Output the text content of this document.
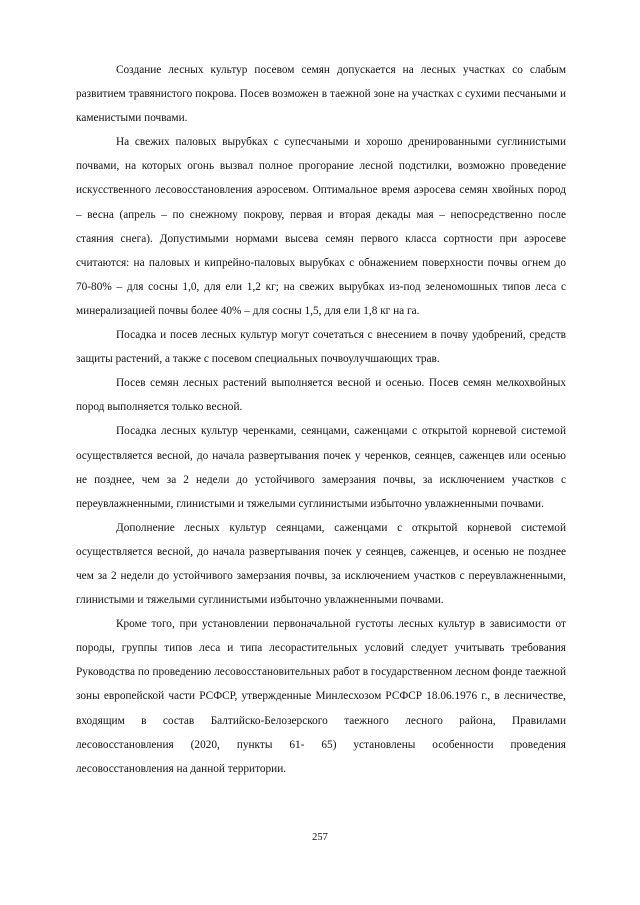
Создание лесных культур посевом семян допускается на лесных участках со слабым развитием травянистого покрова. Посев возможен в таежной зоне на участках с сухими песчаными и каменистыми почвами.

На свежих паловых вырубках с супесчаными и хорошо дренированными суглинистыми почвами, на которых огонь вызвал полное прогорание лесной подстилки, возможно проведение искусственного лесовосстановления аэросевом. Оптимальное время аэросева семян хвойных пород – весна (апрель – по снежному покрову, первая и вторая декады мая – непосредственно после стаяния снега). Допустимыми нормами высева семян первого класса сортности при аэросеве считаются: на паловых и кипрейно-паловых вырубках с обнажением поверхности почвы огнем до 70-80% – для сосны 1,0, для ели 1,2 кг; на свежих вырубках из-под зеленомошных типов леса с минерализацией почвы более 40% – для сосны 1,5, для ели 1,8 кг на га.

Посадка и посев лесных культур могут сочетаться с внесением в почву удобрений, средств защиты растений, а также с посевом специальных почвоулучшающих трав.

Посев семян лесных растений выполняется весной и осенью. Посев семян мелкохвойных пород выполняется только весной.

Посадка лесных культур черенками, сеянцами, саженцами с открытой корневой системой осуществляется весной, до начала развертывания почек у черенков, сеянцев, саженцев или осенью не позднее, чем за 2 недели до устойчивого замерзания почвы, за исключением участков с переувлажненными, глинистыми и тяжелыми суглинистыми избыточно увлажненными почвами.

Дополнение лесных культур сеянцами, саженцами с открытой корневой системой осуществляется весной, до начала развертывания почек у сеянцев, саженцев, и осенью не позднее чем за 2 недели до устойчивого замерзания почвы, за исключением участков с переувлажненными, глинистыми и тяжелыми суглинистыми избыточно увлажненными почвами.

Кроме того, при установлении первоначальной густоты лесных культур в зависимости от породы, группы типов леса и типа лесорастительных условий следует учитывать требования Руководства по проведению лесовосстановительных работ в государственном лесном фонде таежной зоны европейской части РСФСР, утвержденные Минлесхозом РСФСР 18.06.1976 г., в лесничестве, входящим в состав Балтийско-Белозерского таежного лесного района, Правилами лесовосстановления (2020, пункты 61- 65) установлены особенности проведения лесовосстановления на данной территории.

257
